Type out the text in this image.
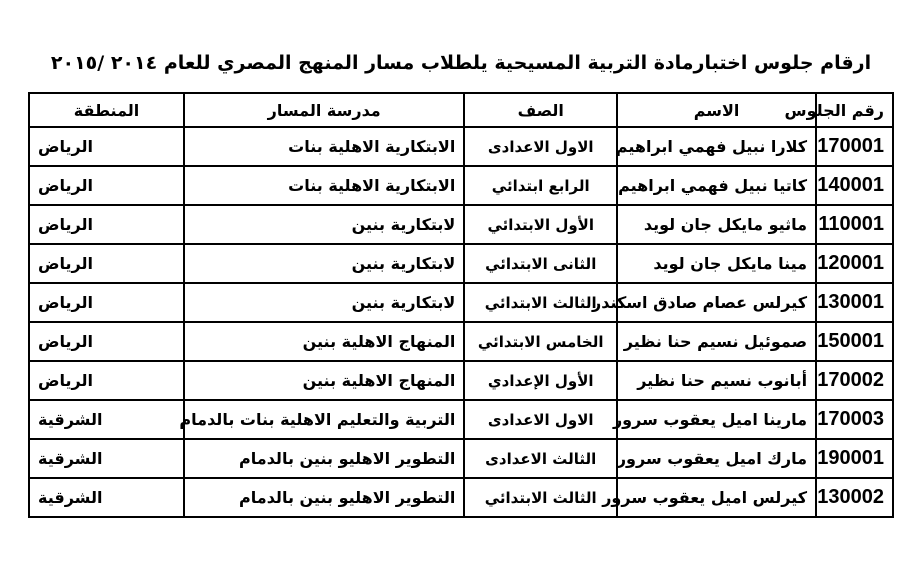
ارقام جلوس اختبارمادة التربية المسيحية يلطلاب مسار المنهج المصري للعام ٢٠١٤ /٢٠١٥
رقم الجلوس	الاسم	الصف	مدرسة المسار	المنطقة
170001	كلارا نبيل فهمي ابراهيم	الاول الاعدادى	الابتكارية الاهلية بنات	الرياض
140001	كاتيا نبيل فهمي ابراهيم	الرابع ابتدائي	الابتكارية الاهلية بنات	الرياض
110001	ماثيو مايكل جان لويد	الأول الابتدائي	لابتكارية بنين	الرياض
120001	مينا مايكل جان لويد	الثانى الابتدائي	لابتكارية بنين	الرياض
130001	كيرلس عصام صادق اسكندر	الثالث الابتدائي	لابتكارية بنين	الرياض
150001	صموئيل نسيم حنا نظير	الخامس الابتدائي	المنهاج الاهلية بنين	الرياض
170002	أبانوب نسيم حنا نظير	الأول الإعدادي	المنهاج الاهلية بنين	الرياض
170003	مارينا اميل يعقوب سرور	الاول الاعدادى	التربية والتعليم الاهلية بنات بالدمام	الشرقية
190001	مارك اميل يعقوب سرور	الثالث الاعدادى	التطوير الاهليو بنين بالدمام	الشرقية
130002	كيرلس اميل يعقوب سرور	الثالث الابتدائي	التطوير الاهليو بنين بالدمام	الشرقية
